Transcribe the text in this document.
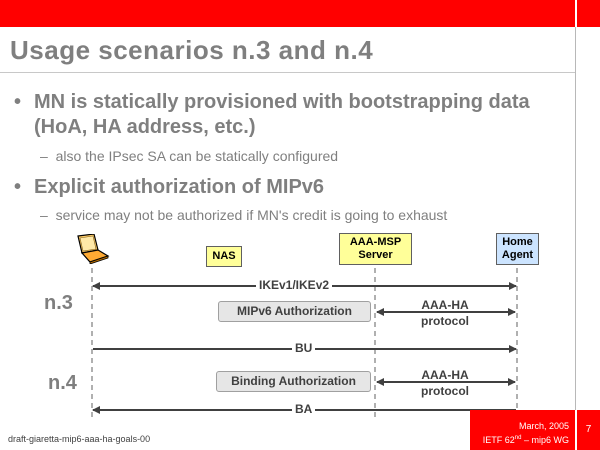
Usage scenarios n.3 and n.4
• MN is statically provisioned with bootstrapping data (HoA, HA address, etc.)
–  also the IPsec SA can be statically configured
• Explicit authorization of MIPv6
–  service may not be authorized if MN's credit is going to exhaust
NAS
AAA-MSP
Server
Home
Agent
IKEv1/IKEv2
BU
BA
n.3
n.4
MIPv6 Authorization
Binding Authorization
AAA-HA
protocol
AAA-HA
protocol
draft-giaretta-mip6-aaa-ha-goals-00
March, 2005
IETF 62nd – mip6 WG
7
